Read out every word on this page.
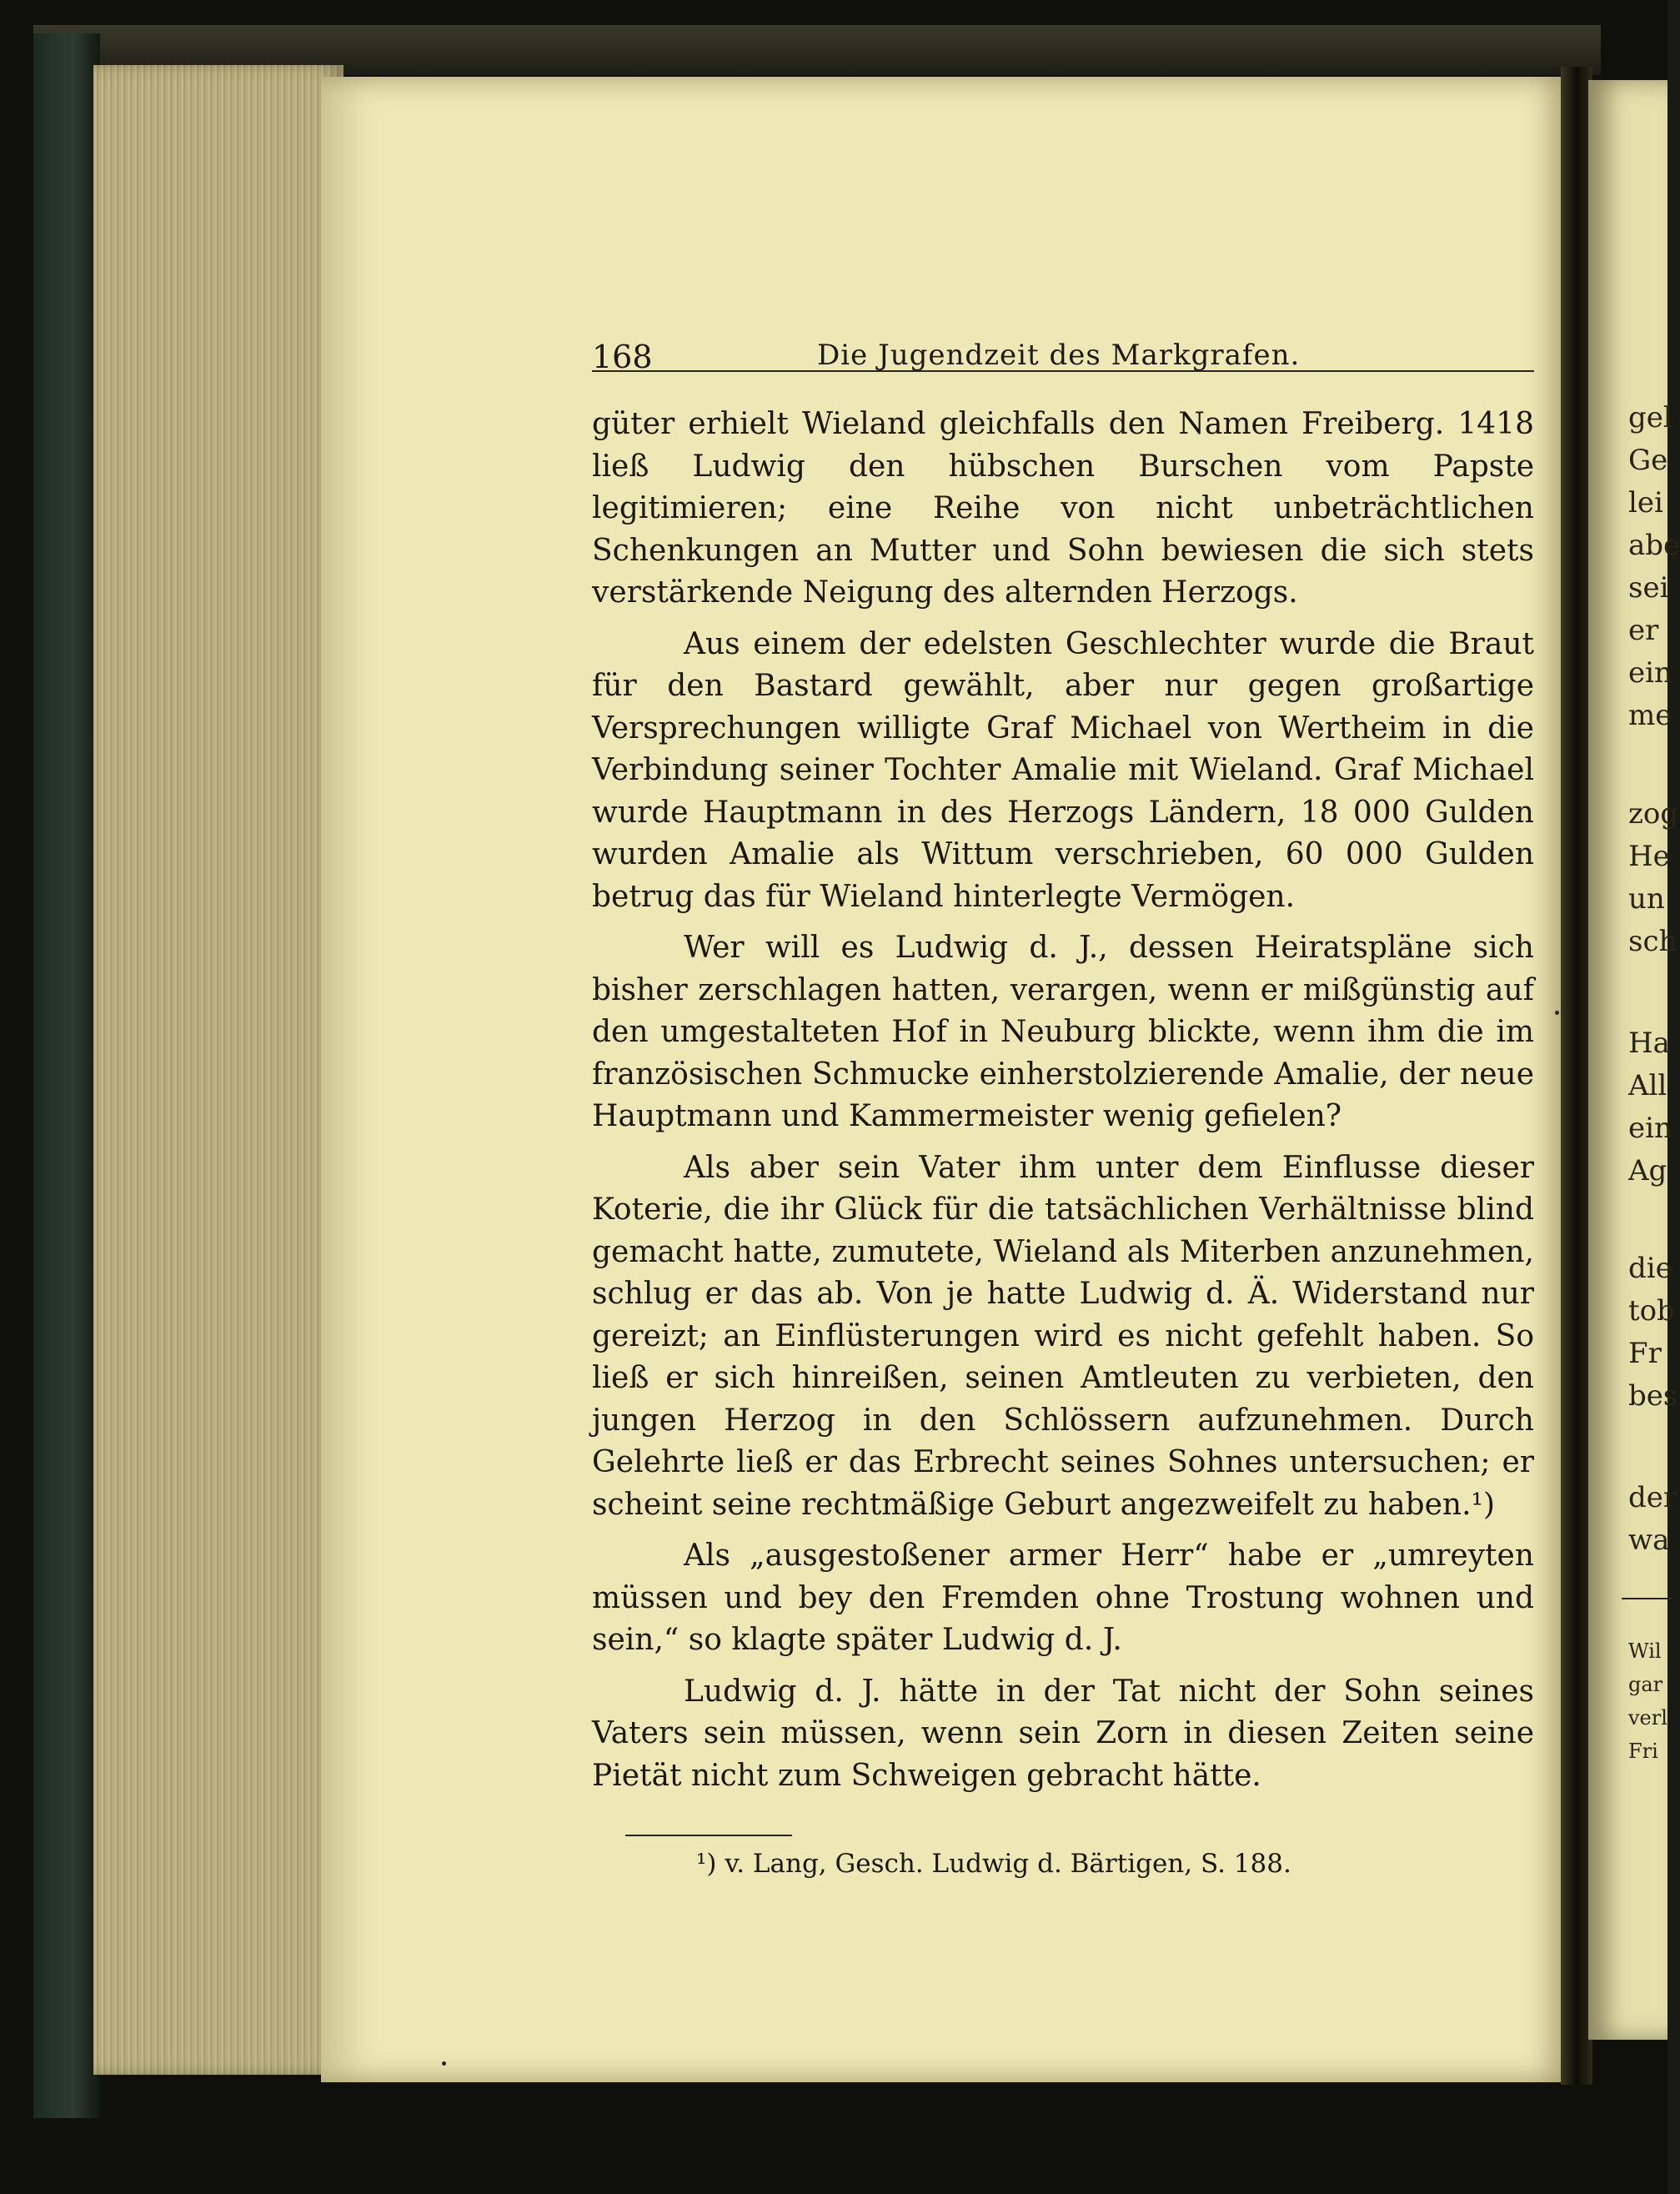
168	Die Jugendzeit des Markgrafen.

güter erhielt Wieland gleichfalls den Namen Freiberg. 1418 ließ Ludwig den hübschen Burschen vom Papste legitimieren; eine Reihe von nicht unbeträchtlichen Schenkungen an Mutter und Sohn bewiesen die sich stets verstärkende Neigung des alternden Herzogs.

Aus einem der edelsten Geschlechter wurde die Braut für den Bastard gewählt, aber nur gegen großartige Versprechungen willigte Graf Michael von Wertheim in die Verbindung seiner Tochter Amalie mit Wieland. Graf Michael wurde Hauptmann in des Herzogs Ländern, 18 000 Gulden wurden Amalie als Wittum verschrieben, 60 000 Gulden betrug das für Wieland hinterlegte Vermögen.

Wer will es Ludwig d. J., dessen Heiratspläne sich bisher zerschlagen hatten, verargen, wenn er mißgünstig auf den umgestalteten Hof in Neuburg blickte, wenn ihm die im französischen Schmucke einherstolzierende Amalie, der neue Hauptmann und Kammermeister wenig gefielen?

Als aber sein Vater ihm unter dem Einflusse dieser Koterie, die ihr Glück für die tatsächlichen Verhältnisse blind gemacht hatte, zumutete, Wieland als Miterben anzunehmen, schlug er das ab. Von je hatte Ludwig d. Ä. Widerstand nur gereizt; an Einflüsterungen wird es nicht gefehlt haben. So ließ er sich hinreißen, seinen Amtleuten zu verbieten, den jungen Herzog in den Schlössern aufzunehmen. Durch Gelehrte ließ er das Erbrecht seines Sohnes untersuchen; er scheint seine rechtmäßige Geburt angezweifelt zu haben.¹)

Als „ausgestoßener armer Herr“ habe er „umreyten müssen und bey den Fremden ohne Trostung wohnen und sein,“ so klagte später Ludwig d. J.

Ludwig d. J. hätte in der Tat nicht der Sohn seines Vaters sein müssen, wenn sein Zorn in diesen Zeiten seine Pietät nicht zum Schweigen gebracht hätte.

¹) v. Lang, Gesch. Ludwig d. Bärtigen, S. 188.
gel
Ge
lei
abe
sei
er
ein
me
zog
He
un
sch
Ha
All
ein
Ag
die
tob
Fr
bes
der
wa
Wil
gar
verl
Fri
